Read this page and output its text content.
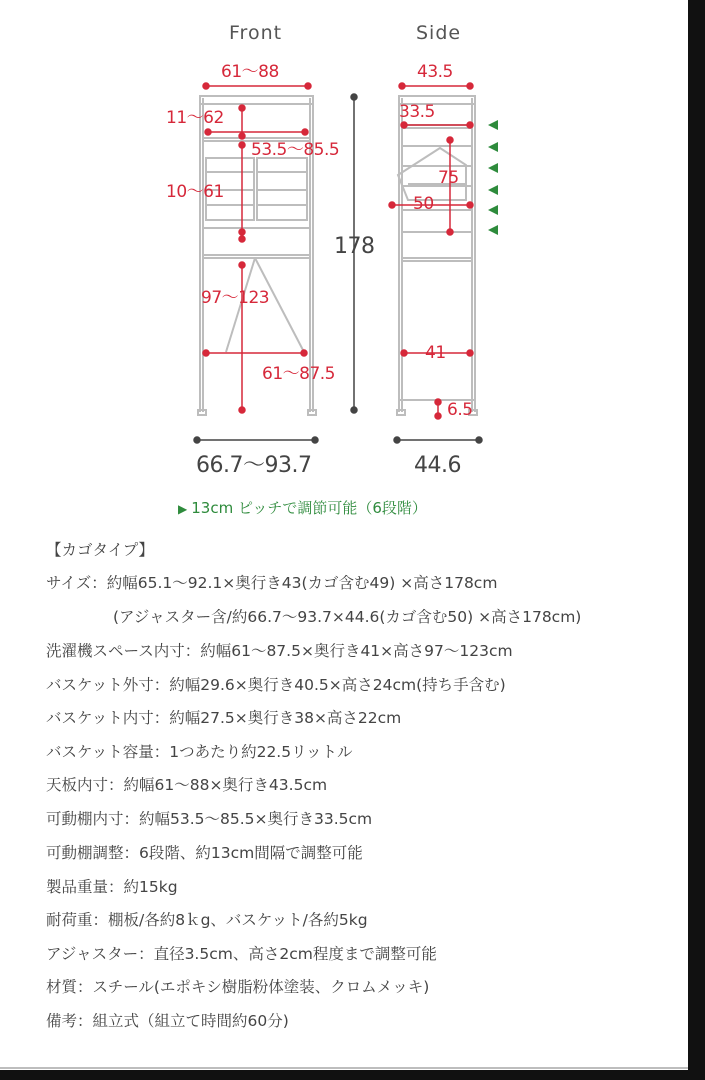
Front	Side
61～88
11～62
53.5～85.5
10～61
97～123
61～87.5
178
66.7～93.7
43.5
33.5
75
50
41
6.5
44.6
▶ 13cm ピッチで調節可能（6段階）
【カゴタイプ】
サイズ：約幅65.1～92.1×奥行き43(カゴ含む49) ×高さ178cm
(アジャスター含/約66.7～93.7×44.6(カゴ含む50) ×高さ178cm)
洗濯機スペース内寸：約幅61～87.5×奥行き41×高さ97～123cm
バスケット外寸：約幅29.6×奥行き40.5×高さ24cm(持ち手含む)
バスケット内寸：約幅27.5×奥行き38×高さ22cm
バスケット容量：1つあたり約22.5リットル
天板内寸：約幅61～88×奥行き43.5cm
可動棚内寸：約幅53.5～85.5×奥行き33.5cm
可動棚調整：6段階、約13cm間隔で調整可能
製品重量：約15kg
耐荷重：棚板/各約8ｋg、バスケット/各約5kg
アジャスター：直径3.5cm、高さ2cm程度まで調整可能
材質：スチール(エポキシ樹脂粉体塗装、クロムメッキ)
備考：組立式（組立て時間約60分)
